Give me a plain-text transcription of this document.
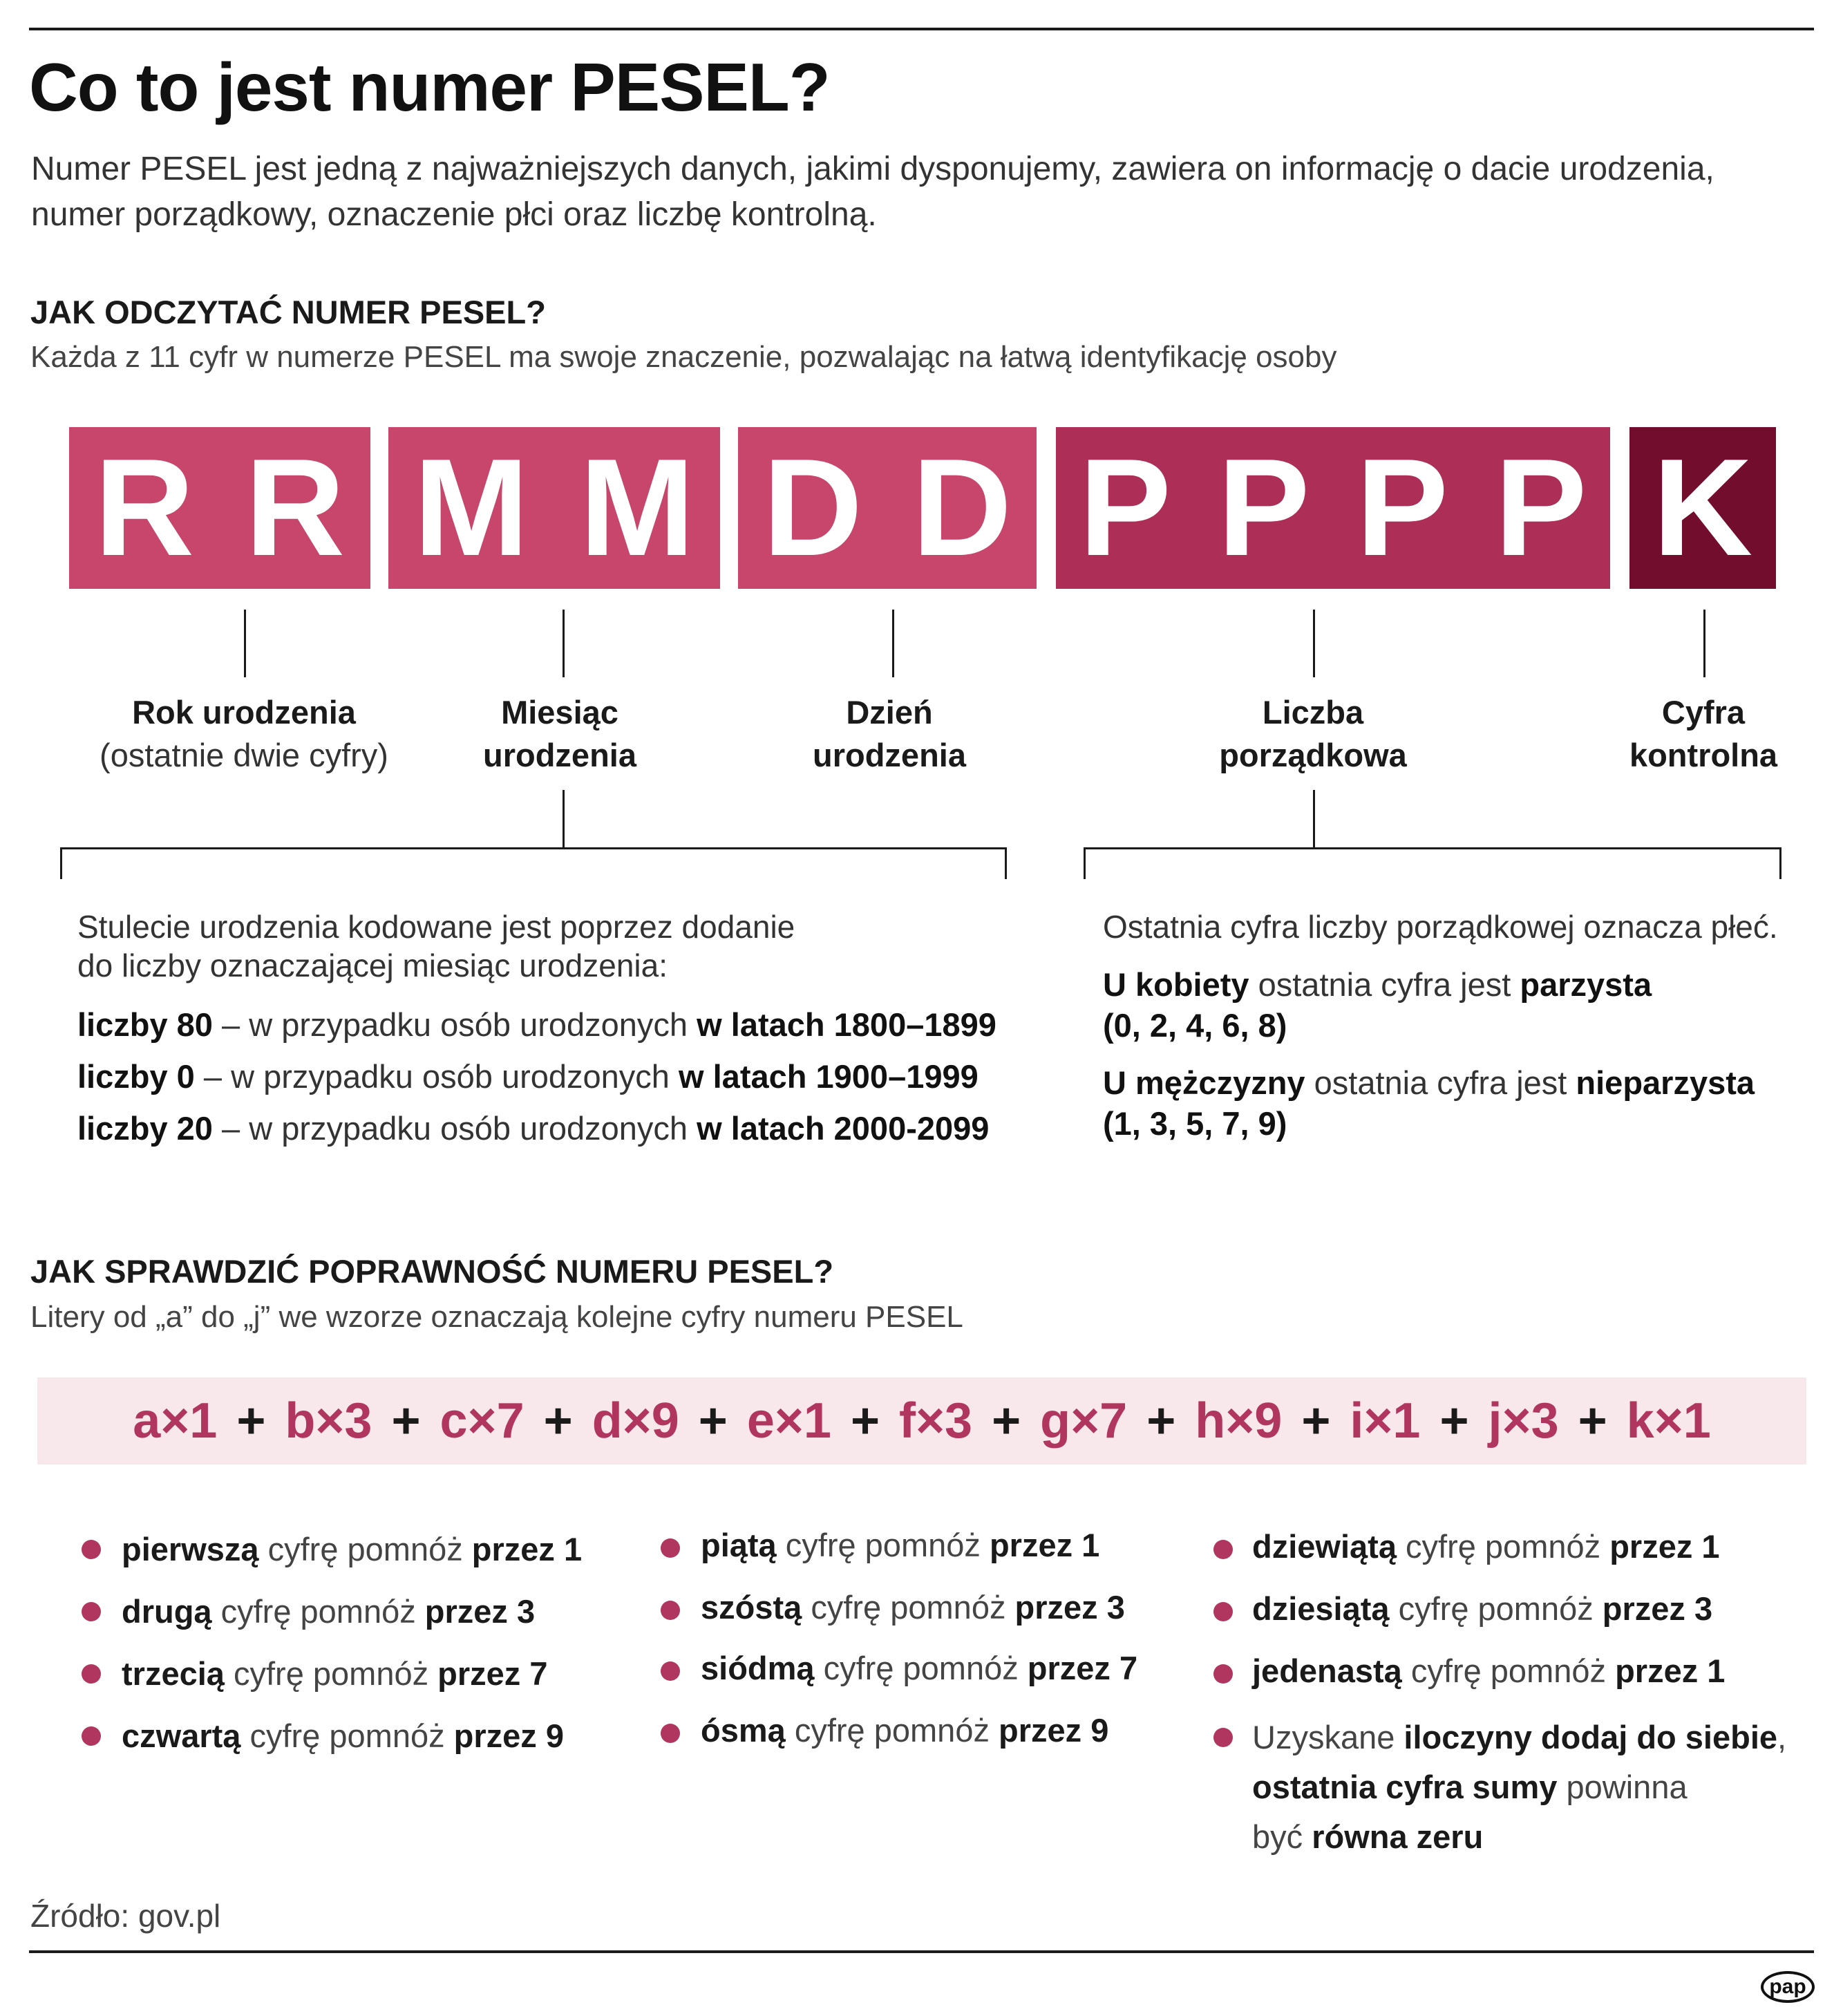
Co to jest numer PESEL?

Numer PESEL jest jedną z najważniejszych danych, jakimi dysponujemy, zawiera on informację o dacie urodzenia,
numer porządkowy, oznaczenie płci oraz liczbę kontrolną.

JAK ODCZYTAĆ NUMER PESEL?

Każda z 11 cyfr w numerze PESEL ma swoje znaczenie, pozwalając na łatwą identyfikację osoby

R R M M D D P P P P K
Rok urodzenia
(ostatnie dwie cyfry)
Miesiąc
urodzenia
Dzień
urodzenia
Liczba
porządkowa
Cyfra
kontrolna
Stulecie urodzenia kodowane jest poprzez dodanie
do liczby oznaczającej miesiąc urodzenia:
liczby 80 – w przypadku osób urodzonych w latach 1800–1899
liczby 0 – w przypadku osób urodzonych w latach 1900–1999
liczby 20 – w przypadku osób urodzonych w latach 2000-2099
Ostatnia cyfra liczby porządkowej oznacza płeć.
U kobiety ostatnia cyfra jest parzysta
(0, 2, 4, 6, 8)
U mężczyzny ostatnia cyfra jest nieparzysta
(1, 3, 5, 7, 9)

JAK SPRAWDZIĆ POPRAWNOŚĆ NUMERU PESEL?

Litery od „a” do „j” we wzorze oznaczają kolejne cyfry numeru PESEL

a×1 + b×3 + c×7 + d×9 + e×1 + f×3 + g×7 + h×9 + i×1 + j×3 + k×1
pierwszą cyfrę pomnóż przez 1
drugą cyfrę pomnóż przez 3
trzecią cyfrę pomnóż przez 7
czwartą cyfrę pomnóż przez 9
piątą cyfrę pomnóż przez 1
szóstą cyfrę pomnóż przez 3
siódmą cyfrę pomnóż przez 7
ósmą cyfrę pomnóż przez 9
dziewiątą cyfrę pomnóż przez 1
dziesiątą cyfrę pomnóż przez 3
jedenastą cyfrę pomnóż przez 1
Uzyskane iloczyny dodaj do siebie,
ostatnia cyfra sumy powinna
być równa zeru
Źródło: gov.pl
pap
